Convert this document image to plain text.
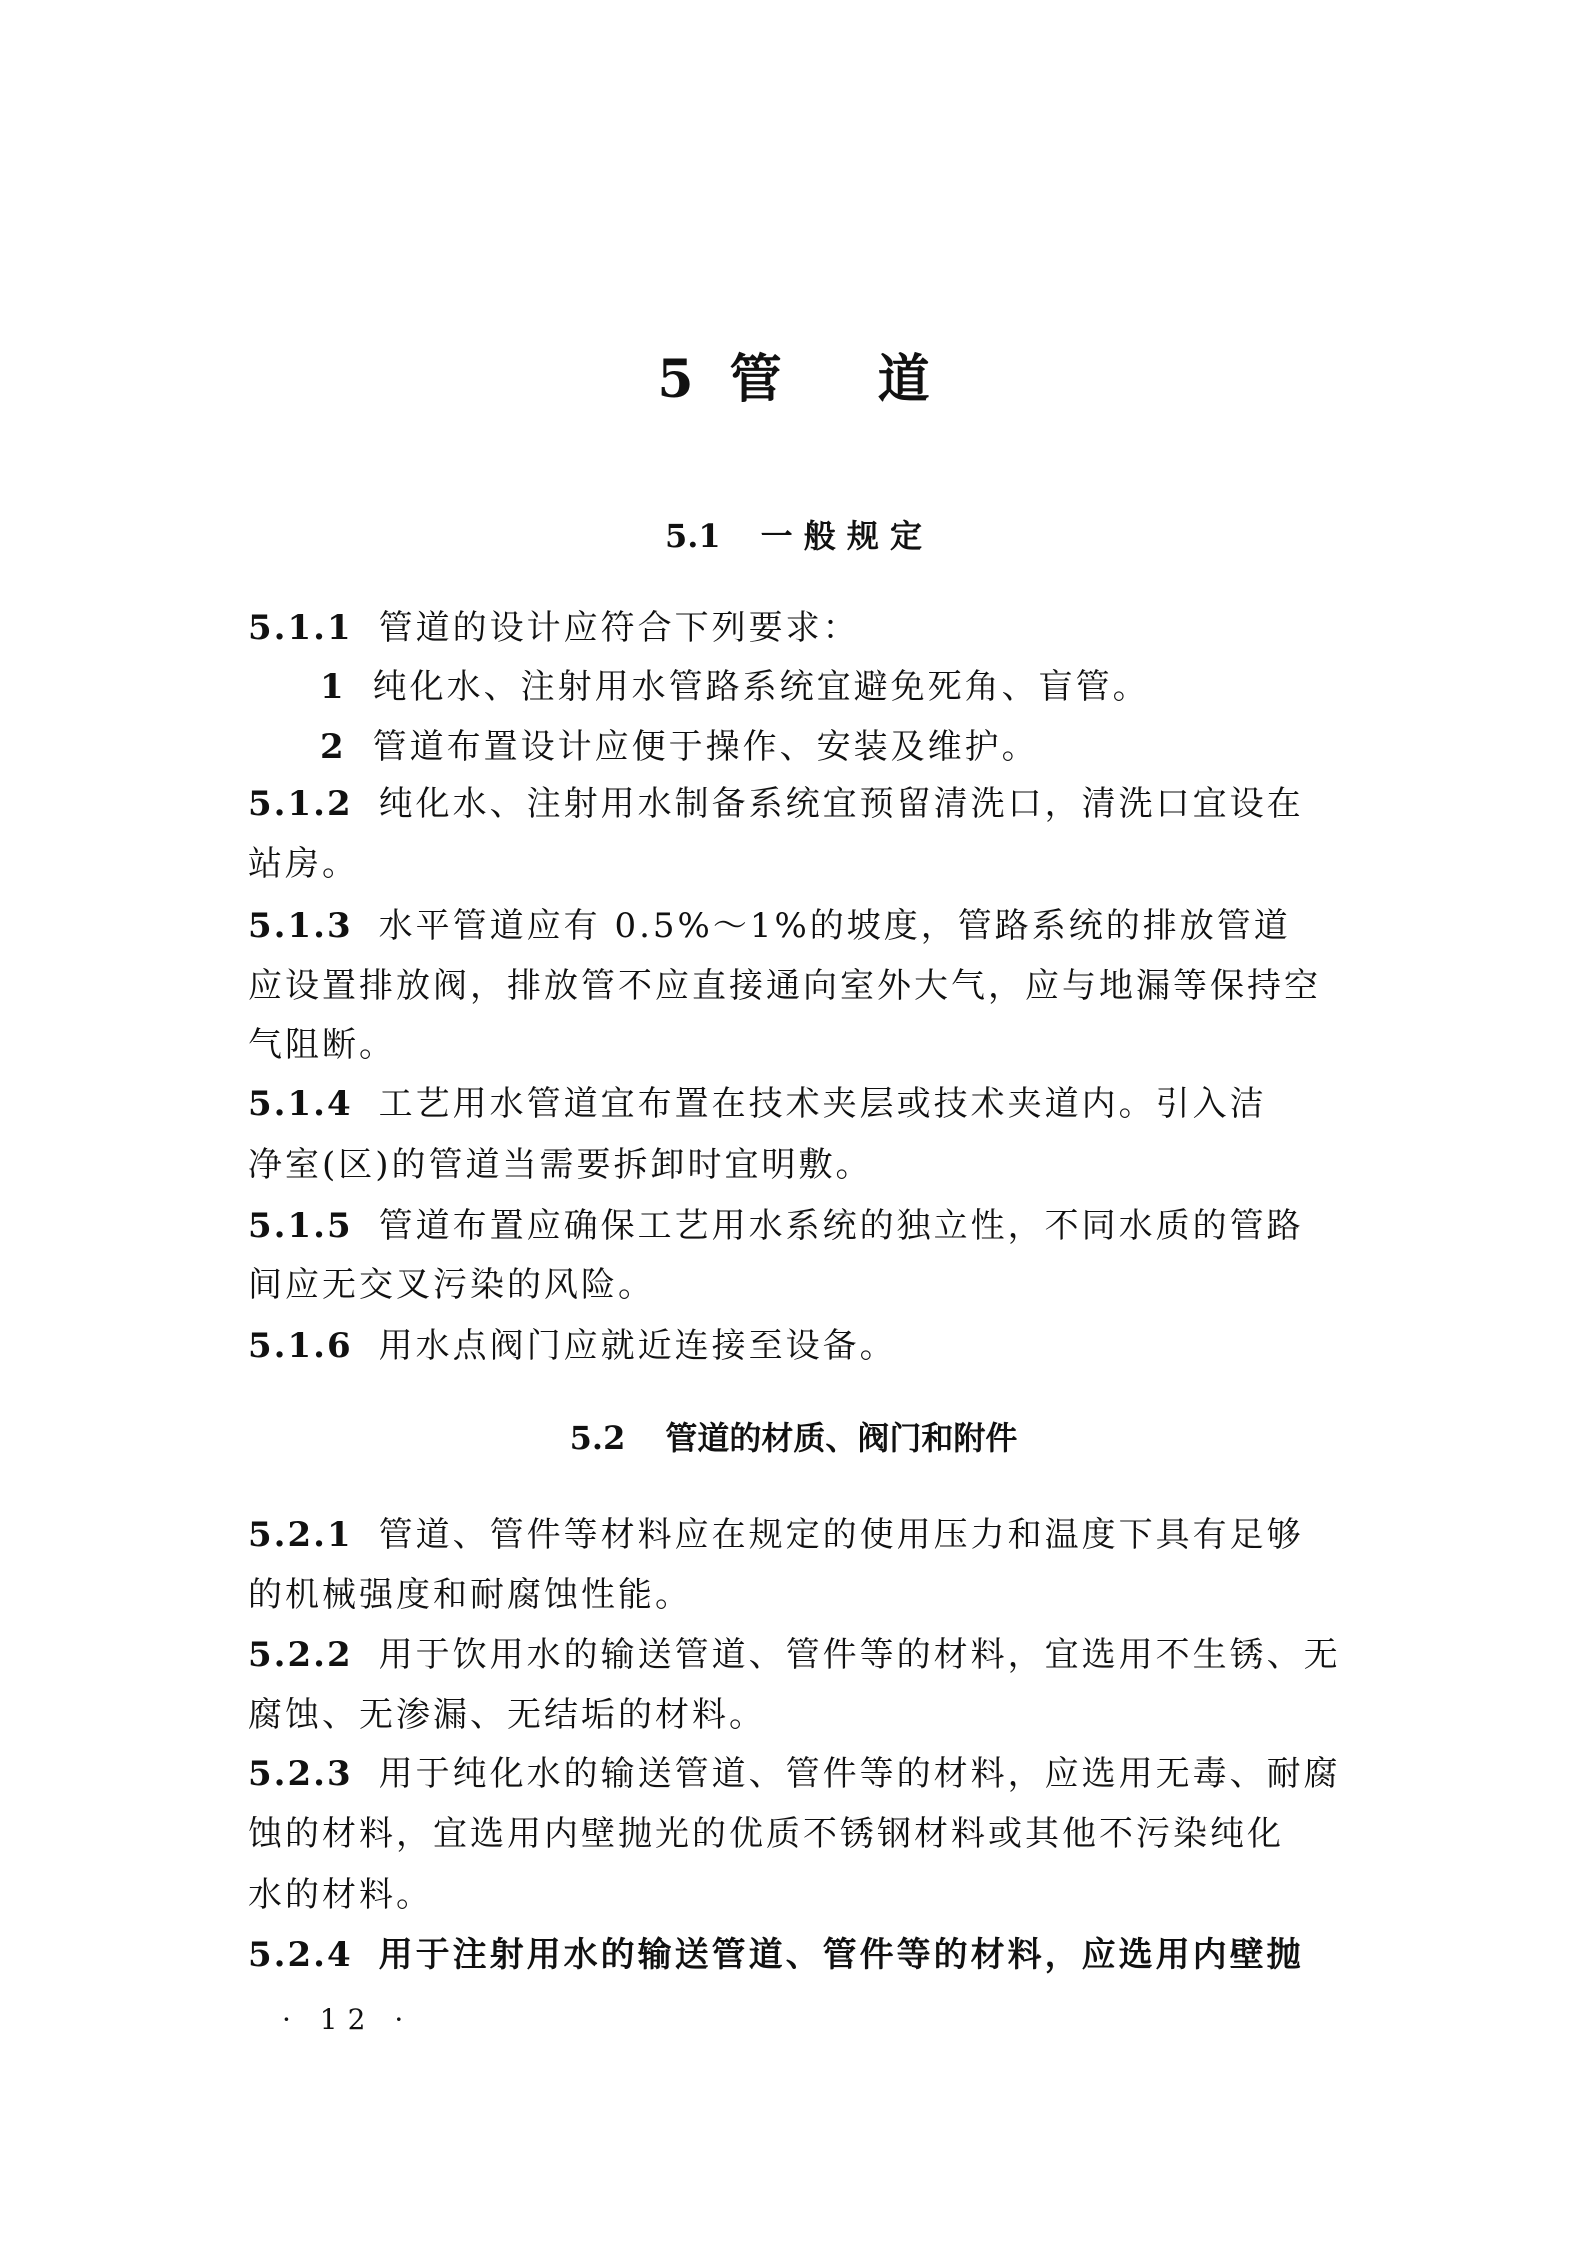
5 管 道
5.1 一 般 规 定
5.1.1 管道的设计应符合下列要求：
1 纯化水、注射用水管路系统宜避免死角、盲管。
2 管道布置设计应便于操作、安装及维护。
5.1.2 纯化水、注射用水制备系统宜预留清洗口，清洗口宜设在
站房。
5.1.3 水平管道应有 0.5%～1%的坡度，管路系统的排放管道
应设置排放阀，排放管不应直接通向室外大气，应与地漏等保持空
气阻断。
5.1.4 工艺用水管道宜布置在技术夹层或技术夹道内。引入洁
净室(区)的管道当需要拆卸时宜明敷。
5.1.5 管道布置应确保工艺用水系统的独立性，不同水质的管路
间应无交叉污染的风险。
5.1.6 用水点阀门应就近连接至设备。
5.2 管道的材质、阀门和附件
5.2.1 管道、管件等材料应在规定的使用压力和温度下具有足够
的机械强度和耐腐蚀性能。
5.2.2 用于饮用水的输送管道、管件等的材料，宜选用不生锈、无
腐蚀、无渗漏、无结垢的材料。
5.2.3 用于纯化水的输送管道、管件等的材料，应选用无毒、耐腐
蚀的材料，宜选用内壁抛光的优质不锈钢材料或其他不污染纯化
水的材料。
5.2.4 用于注射用水的输送管道、管件等的材料，应选用内壁抛
· 12 ·
